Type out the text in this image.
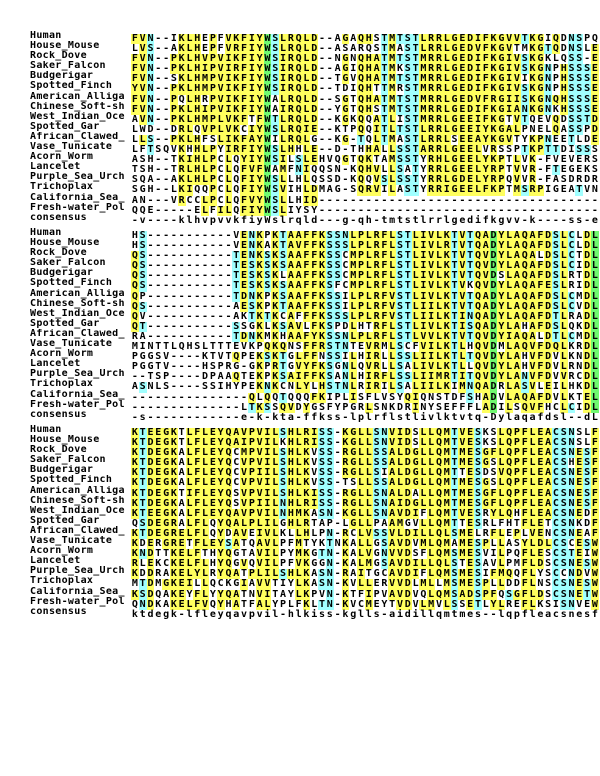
Human	F V N - - I K L H E P F V K F I Y W S L R Q L D - - A G A Q H S T M T S T L R R L G E D I F K G V V T K G I Q D N S P Q
House_Mouse	L V S - - A K L H E P F V R F I Y W S L R Q L D - - A S A R Q S T M A S T L R R L G E D V F K G V T M K G T Q D N S L E
Rock_Dove	F V N - - P K L H V P V I K F I Y W S I R Q L D - - N G N Q H A T M T S T M R R L G E D I F K G I V S K G K L Q S S - E
Saker_Falcon	F V N - - P K L H I P V I R F I Y W S I R Q L D - - A G I Q H A T M K S T M R R L G E D I F K G I V S K G N P H S S S E
Budgerigar	F V N - - S K L H M P V I K F I Y W S I R Q L D - - T G V Q H A T M T S T M R R L G E D I F K G I V I K G N P H S S S E
Spotted_Finch Y V N - - P K L H M P V I K F I Y W S I R Q L D - - T D I Q H T T M R S T M R R L G E D I F K G I V S K G N P H S S S E
American_Alliga F V N - - P Q L H R P V I K F I Y W A L R Q L D - - S G T Q H A T M T S T M R R L G E D V F R G I I S K G N Q H S S S E
Chinese_Soft-sh F V N - - P K L H I P V I K F I Y W A I R Q L D - - Y G T Q H S T M T S T M R R L G E D I F K G I A N K G N K H S S S E
West_Indian_Oce A V N - - P K L H M P L V K F T F W T L R Q L D - - K G K Q Q A T L I S T M R R L G E E I F K G T V T Q E V Q D S S T D
Spotted_Gar	L W D - - D R L Q V P L V K C I Y W S L R Q I E - - K T P Q Q I T L T S T L R R L G E E I Y K G A L P N E L Q A S S P D
African_Clawed_ L L S - - P K L H F S L I K F A Y W I L R Q L G - - K G - T Q L T M A S T L R R L S E E A Y K G V T Y K P N E E T L D E
Vase_Tunicate L F T S Q V K H H L P Y I R F I Y W S L H H L E - - D - T H H A L L S S T A R R L G E E L V R S S P T K P T T D I S S S
Acorn_Worm	A S H - - T K I H L P C L Q Y I Y W S I L S L E H V Q G T Q K T A M S S T Y R H L G E E L Y K P T L V K - F V E V E R S
Lancelet	T S H - - T R L H L P C L Q F V F W A M F N I Q Q S N - K Q H V L L S A T Y R R L G E E L Y R P T V V R - F T E G E K S
Purple_Sea_Urch S Q A - - A K L H L P C L Q F I Y W S L L H L Q S S D - K Q Q V S L S S T Y R R L G D E L Y R P Q V V R - F A S D R D R
Trichoplax	S G H - - L K I Q Q P C L Q F I Y W S V I H L D M A G - S Q R V I L A S T Y R R I G E E L F K P T M S R P I G E A T V N
California_Sea_ A N - - - V R C C L P C L Q F V Y W S L L H I D - - - - - - - - - - - - - - - - - - - - - - - - - - - - - - - - - - - -
Fresh-water_Pol Q Q E - - - - - E L F I L Q F I Y W S L I Y S Y - - - - - - - - - - - - - - - - - - - - - - - - - - - - - - - - - - - -
consensus	- v - - - - k l h v p v v k f i y W s l r q l d - - - g - q h - t m t s t l r r l g e d i f k g v v - k - - - - s s - e
Human	H S - - - - - - - - - - - V E N K P K T A A F F K S S N L P L R F L S T L I V L K T V T Q A D Y L A Q A F D S L C L D L
House_Mouse	H S - - - - - - - - - - - V E N K A K T A V F F K S S S L P L R F L S T L I V L R T V T Q A D Y L A Q A F D S L C L D L
Rock_Dove	Q S - - - - - - - - - - - T E N K S K S A A F F K S S C M P L R F L S T L I V L K T V T Q V D Y L A Q A L D S L C T D L
Saker_Falcon	Q S - - - - - - - - - - - T E S K S K S A A F F K S S C M P L R F L S T L I V L K T V T Q V D Y L A Q A F D S L C I D L
Budgerigar	Q S - - - - - - - - - - - T E S K S K L A A F F K S S C M P L R F L S T L I V L K T V T Q V D S L A Q A F D S L R T D L
Spotted_Finch Q S - - - - - - - - - - - T E S K S K S A A F F K S F C M P L R F L S T L I V L K T V K Q V D Y L A Q A F E S L R I D L
American_Alliga Q P - - - - - - - - - - - T D N K P K S A A F F K S S I L P L R F V S T L I V L K T V T Q A D Y L A Q A F D S L C M D L
Chinese_Soft-sh Q S - - - - - - - - - - - A E S K P K T A A F F K S S I L P L R F V S T L I I L K T V T Q A D Y L A Q A F D S L C V D L
West_Indian_Oce Q V - - - - - - - - - - - A K T K T K C A F F F K S S S L P L R F V S T L I I L K T I N Q A D Y L A Q A F D T L R A D L
Spotted_Gar	Q T - - - - - - - - - - - S S G K L K S A V L F K S P D L H T R F L S T L I V L K T I S Q A D Y L A H A F D S L Q K D L
African_Clawed_ R A - - - - - - - - - - - T D N K M K H A A F Y K S S N L P L R F L S T L V V L K T V T Q V D Y I A Q A L D T L C M D L
Vase_Tunicate M I N T T L Q H S L T T T E V K P Q K Q N S F F R S T N T E V R M L S C F V I L K T L H Q V D M L A Q V F D Q L K R D L
Acorn_Worm	P G G S V - - - - K T V T Q P E K S K T G L F F N S S I L H I R L L S S L I I L K T L T Q V D Y L A H V F D V L K N D L
Lancelet	P G G T V - - - - H S P R G - G K P R T G V Y F K S G N L Q V R L L S A L I V L K T L L Q V D Y L A H V F D V L R N D L
Purple_Sea_Urch - - T S P - - - - D P A A Q T E K P K S A I F F K S A N L H I R F L S S L I I M R T I T Q V D Y L A N V F D V V R C D L
Trichoplax	A S N L S - - - - S S I H Y P E K N K C N L Y L H S T N L R I R I L S A L I I L K I M N Q A D R L A S V L E I L H K D L
California_Sea_ - - - - - - - - - - - - - - - Q L Q Q T Q Q Q F K I P L I S F L V S Y Q I Q N S T D F S H A D V L A Q A F D V L K T E L
Fresh-water_Pol - - - - - - - - - - - - - - L T K S S Q V D Y G S F Y P G R L S N K D R I N Y S E F F F L A D I L S Q V F H C L C I D L
consensus	- s - - - - - - - - - - - - e - k - k t a - f f k s s - l p l r f l s t l i v l k t v t q - D y l a q a f d s l - - d L
Human	K T E E G K T L F L E Y Q A V P V I L S H L R I S S - K G L L S N V I D S L L Q M T V E S K S L Q P F L E A C S N S L F
House_Mouse	K T D E G K T L F L E Y Q A I P V I L K H L R I S S - K G L L S N V I D S L L Q M T V E S K S L Q P F L E A C S N S L F
Rock_Dove	K T D E G K A L F L E Y Q C M P V I L S H L K V S S - R G L L S S A L D G L L Q M T M E S G F L Q P F L E A C S N E S F
Saker_Falcon	K T D E G K A L F L E Y Q C V P V I L S H L K V S S - R G L L S S A L D G L L Q M T M E S G S L Q P F L E A C S H E S F
Budgerigar	K T D E G K A L F L E Y Q C V P I I L S H L K V S S - R G L L S I A L D G L L Q M T T E S D S V Q P F L E A C S N E S F
Spotted_Finch K T D E G K A L F L E Y Q C V P V I L S H L K V S S - T S L L S S A L D G L L Q M T M E S G S L Q P F L E A C S N E S F
American_Alliga K T D E G K T I F L E Y Q S V P V I L S H L K I S S - R G L L S N A L D A L L Q M T M E S G F L Q P F L E A C S N E S F
Chinese_Soft-sh K T D E G K A L F L E Y Q S V P I I L N H L R I S S - R G L L S N A I D G L L Q M T M E S G F L Q P F L E A C S N E S F
West_Indian_Oce K T E E G K A L F L E Y Q A V P V I L N H M K A S N - K G L L S N A V D I F L Q M T V E S R Y L Q H F L E A C S N E D F
Spotted_Gar	Q S D E G R A L F L Q Y Q A L P L I L G H L R T A P - L G L L P A A M G V L L Q M T T E S R L F H T F L E T C S N K D F
African_Clawed_ K T D E G R E L F L Q Y D A V E I V L K L L H L P N - R C L V S S V L D I L L Q L S M E L R F L E P L V E N C S N E A F
Vase_Tunicate K D E R G R E T F L E Y S A T Q A V L P F M T Y K T N K A L L G S A V D V M L Q M A M E S P L L A S Y L D L C S C E S W
Acorn_Worm	K N D T T K E L F T H Y Q G T A V I L P Y M K G T N - K A L V G N V V D S F L Q M S M E S V I L P Q F L E S C S T E I W
Lancelet	R L E K C K E L F L H Y Q G V Q V I L P F V K G G N - K A L M G S A V D I L L Q L S T E S A V L P M F L D S C S N E S W
Purple_Sea_Urch K D D R A K E L Y L R Y Q A T P L I L S H L K A S N - R A I T G C A V D I F L Q M S M E S I F M Q Q F L Y S C C N D V W
Trichoplax	M T D M G K E I L L Q C K G I A V V T I Y L K A S N - K V L L E R V V D L M L L M S M E S P L L D D F L N S C S N E S W
California_Sea_ K S D Q A K E Y F L Y Y Q A T N V I T A Y L K P V N - K T F I P V A V D V Q L Q M S A D S P F Q S G F L D S C S N E T W
Fresh-water_Pol Q N D K A K E L F V Q Y H A T F A L Y P L F K L T N - K V C M E Y T V D V L M V L S S E T L Y L R E F L K S I S N V E W
consensus	k t d e g k - l f l e y q a v p v i l - h l k i s s - k g l l s - a i d i l l q m t m e s - - l q p f l e a c s n e s f
